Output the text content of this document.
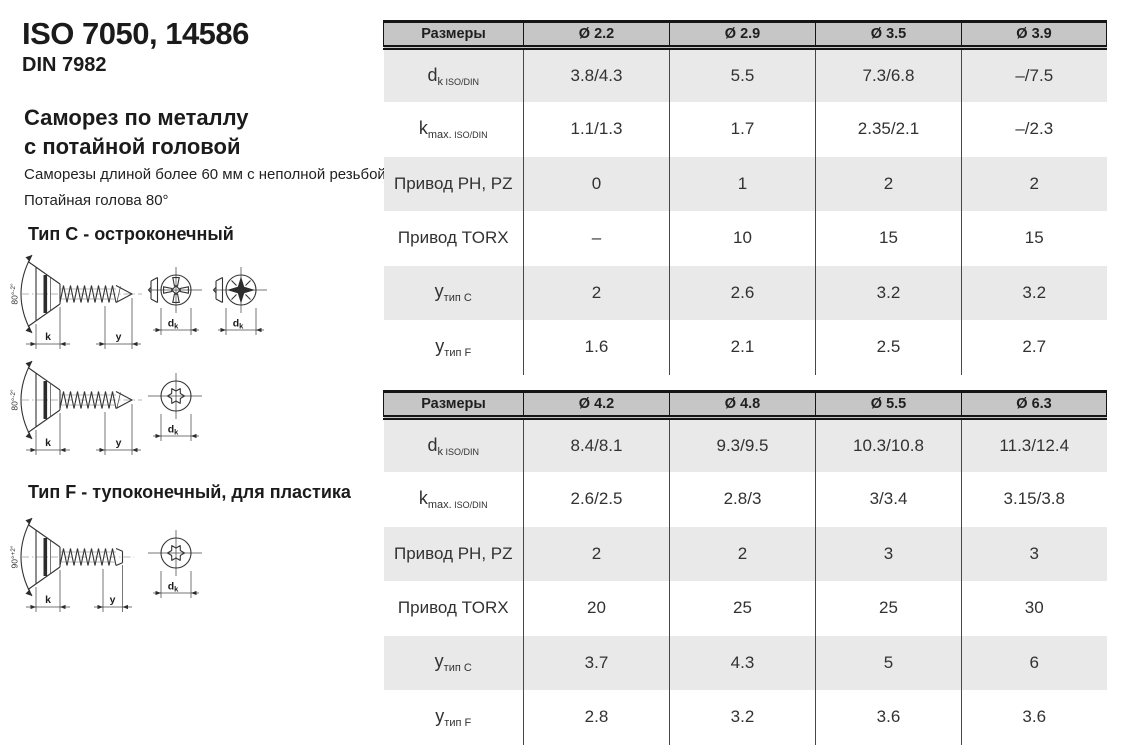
ISO 7050, 14586
DIN 7982
Саморез по металлу
с потайной головой
Саморезы длиной более 60 мм с неполной резьбой
Потайная голова 80°
Тип C - остроконечный
Тип F - тупоконечный, для пластика
80°$^{-2^\circ}$
k	y
dk	dk
80°$^{-2^\circ}$
k	y
dk
90°$^{+2^\circ}$
k	y
dk
Размеры	Ø 2.2	Ø 2.9	Ø 3.5	Ø 3.9
$d_k$ $_{ISO/DIN}$	3.8/4.3	5.5	7.3/6.8	–/7.5
$k_{max.}$ $_{ISO/DIN}$	1.1/1.3	1.7	2.35/2.1	–/2.3
Привод PH, PZ	0	1	2	2
Привод TORX	–	10	15	15
$y_{тип C}$	2	2.6	3.2	3.2
$y_{тип F}$	1.6	2.1	2.5	2.7
Размеры	Ø 4.2	Ø 4.8	Ø 5.5	Ø 6.3
$d_k$ $_{ISO/DIN}$	8.4/8.1	9.3/9.5	10.3/10.8	11.3/12.4
$k_{max.}$ $_{ISO/DIN}$	2.6/2.5	2.8/3	3/3.4	3.15/3.8
Привод PH, PZ	2	2	3	3
Привод TORX	20	25	25	30
$y_{тип C}$	3.7	4.3	5	6
$y_{тип F}$	2.8	3.2	3.6	3.6
